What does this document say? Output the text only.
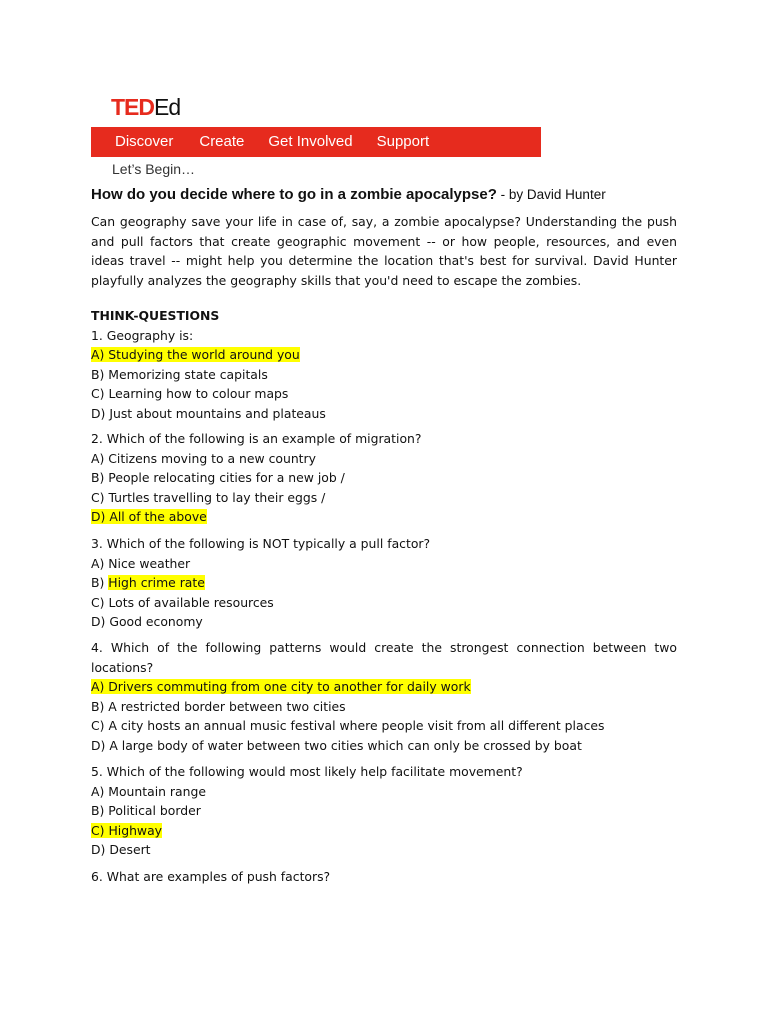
TEDEd
Discover Create Get Involved Support
Let’s Begin…
How do you decide where to go in a zombie apocalypse? - by David Hunter
Can geography save your life in case of, say, a zombie apocalypse? Understanding the push and pull factors that create geographic movement -- or how people, resources, and even ideas travel -- might help you determine the location that's best for survival. David Hunter playfully analyzes the geography skills that you'd need to escape the zombies.
THINK-QUESTIONS
1. Geography is:
A) Studying the world around you
B) Memorizing state capitals
C) Learning how to colour maps
D) Just about mountains and plateaus
2. Which of the following is an example of migration?
A) Citizens moving to a new country
B) People relocating cities for a new job /
C) Turtles travelling to lay their eggs /
D) All of the above
3. Which of the following is NOT typically a pull factor?
A) Nice weather
B) High crime rate
C) Lots of available resources
D) Good economy
4. Which of the following patterns would create the strongest connection between two locations?
A) Drivers commuting from one city to another for daily work
B) A restricted border between two cities
C) A city hosts an annual music festival where people visit from all different places
D) A large body of water between two cities which can only be crossed by boat
5. Which of the following would most likely help facilitate movement?
A) Mountain range
B) Political border
C) Highway
D) Desert
6. What are examples of push factors?
